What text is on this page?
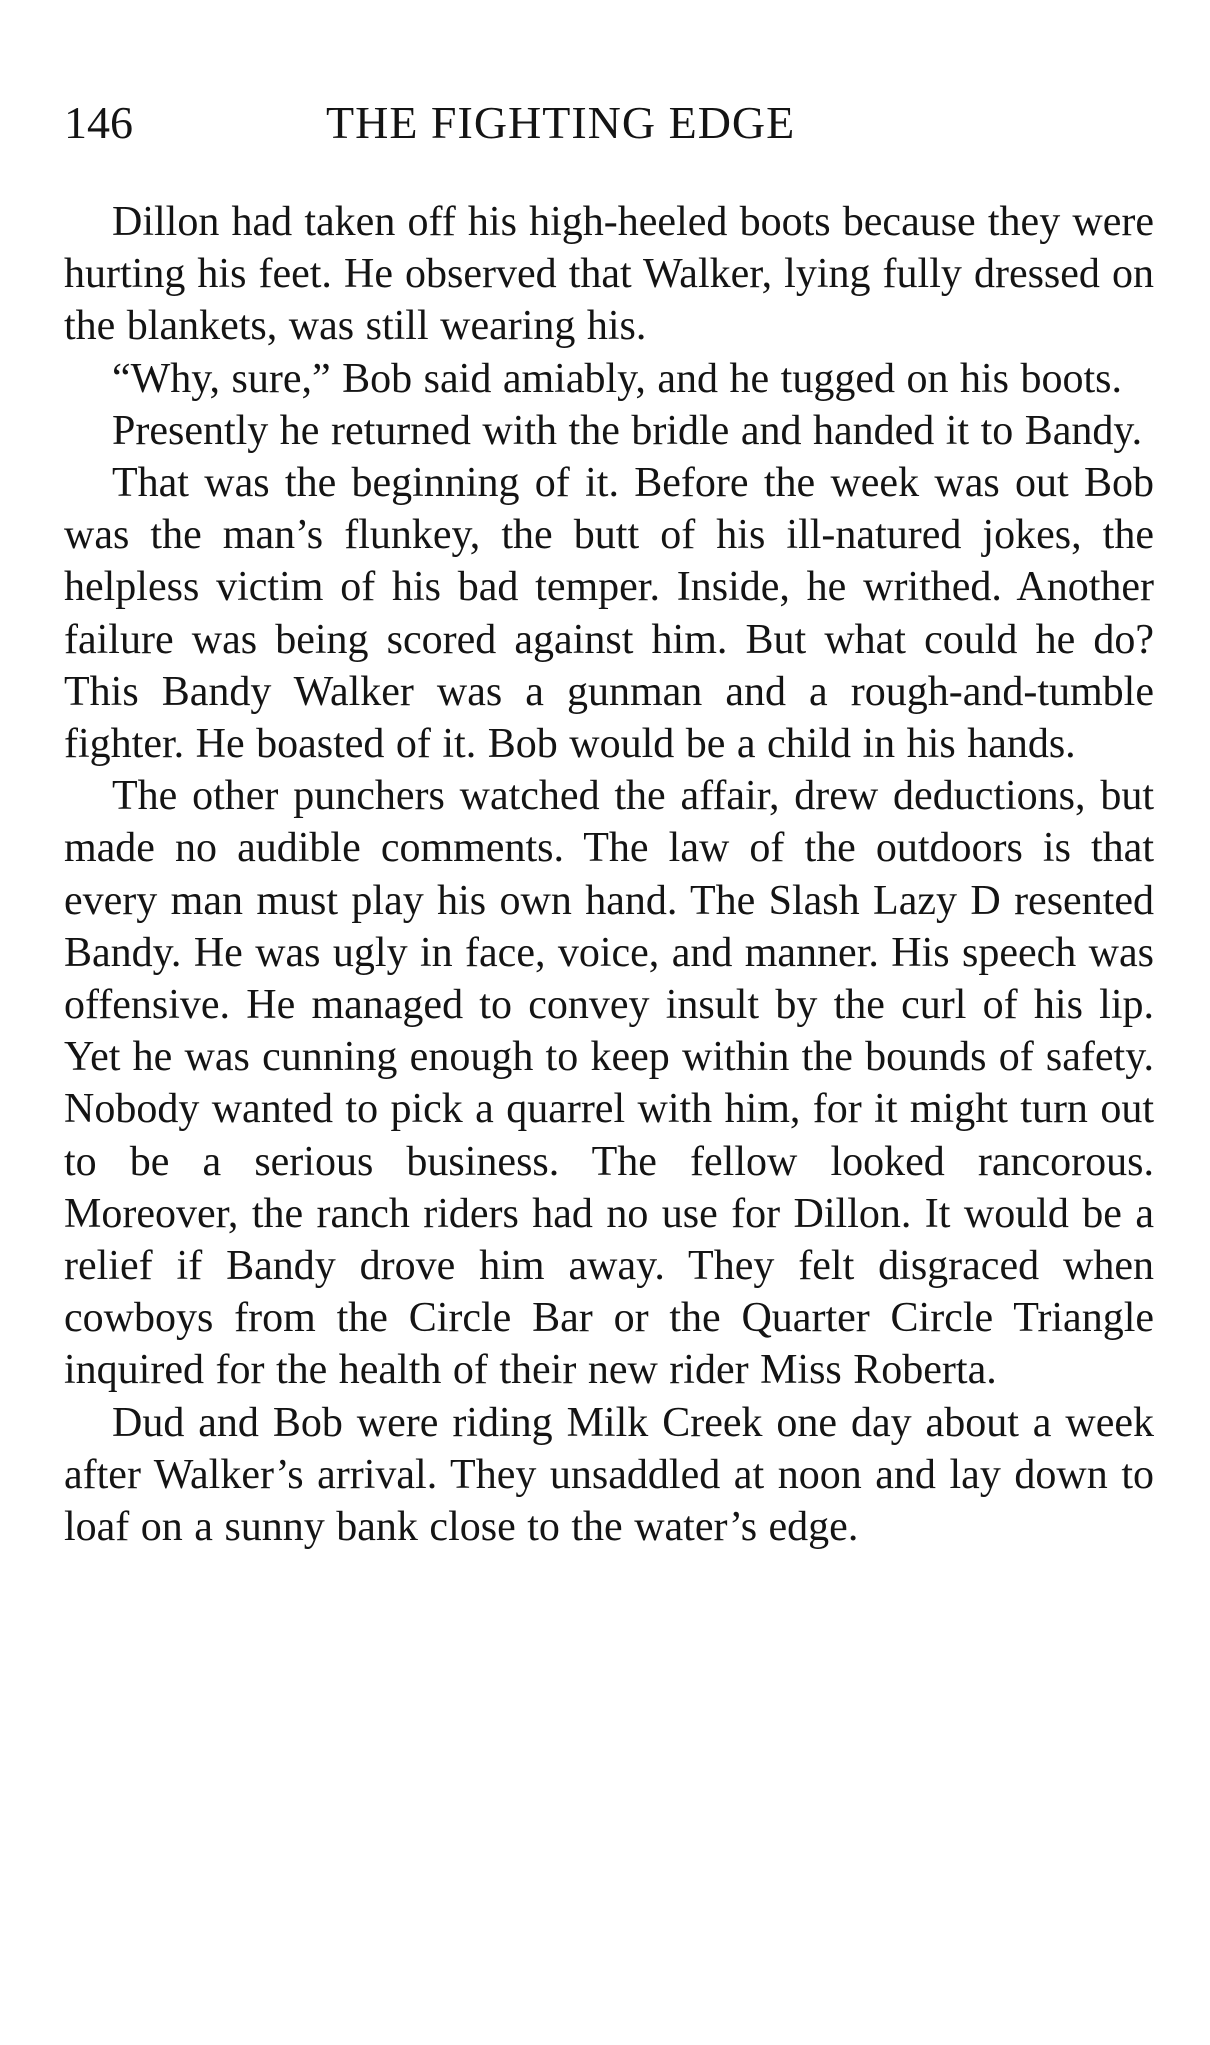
146	THE FIGHTING EDGE

Dillon had taken off his high-heeled boots because they were hurting his feet. He observed that Walker, lying fully dressed on the blankets, was still wearing his.

“Why, sure,” Bob said amiably, and he tugged on his boots.

Presently he returned with the bridle and handed it to Bandy.

That was the beginning of it. Before the week was out Bob was the man’s flunkey, the butt of his ill-natured jokes, the helpless victim of his bad temper. Inside, he writhed. Another failure was being scored against him. But what could he do? This Bandy Walker was a gunman and a rough-and-tumble fighter. He boasted of it. Bob would be a child in his hands.

The other punchers watched the affair, drew deductions, but made no audible comments. The law of the outdoors is that every man must play his own hand. The Slash Lazy D resented Bandy. He was ugly in face, voice, and manner. His speech was offensive. He managed to convey insult by the curl of his lip. Yet he was cunning enough to keep within the bounds of safety. Nobody wanted to pick a quarrel with him, for it might turn out to be a serious business. The fellow looked rancorous. Moreover, the ranch riders had no use for Dillon. It would be a relief if Bandy drove him away. They felt disgraced when cowboys from the Circle Bar or the Quarter Circle Triangle inquired for the health of their new rider Miss Roberta.

Dud and Bob were riding Milk Creek one day about a week after Walker’s arrival. They unsaddled at noon and lay down to loaf on a sunny bank close to the water’s edge.
